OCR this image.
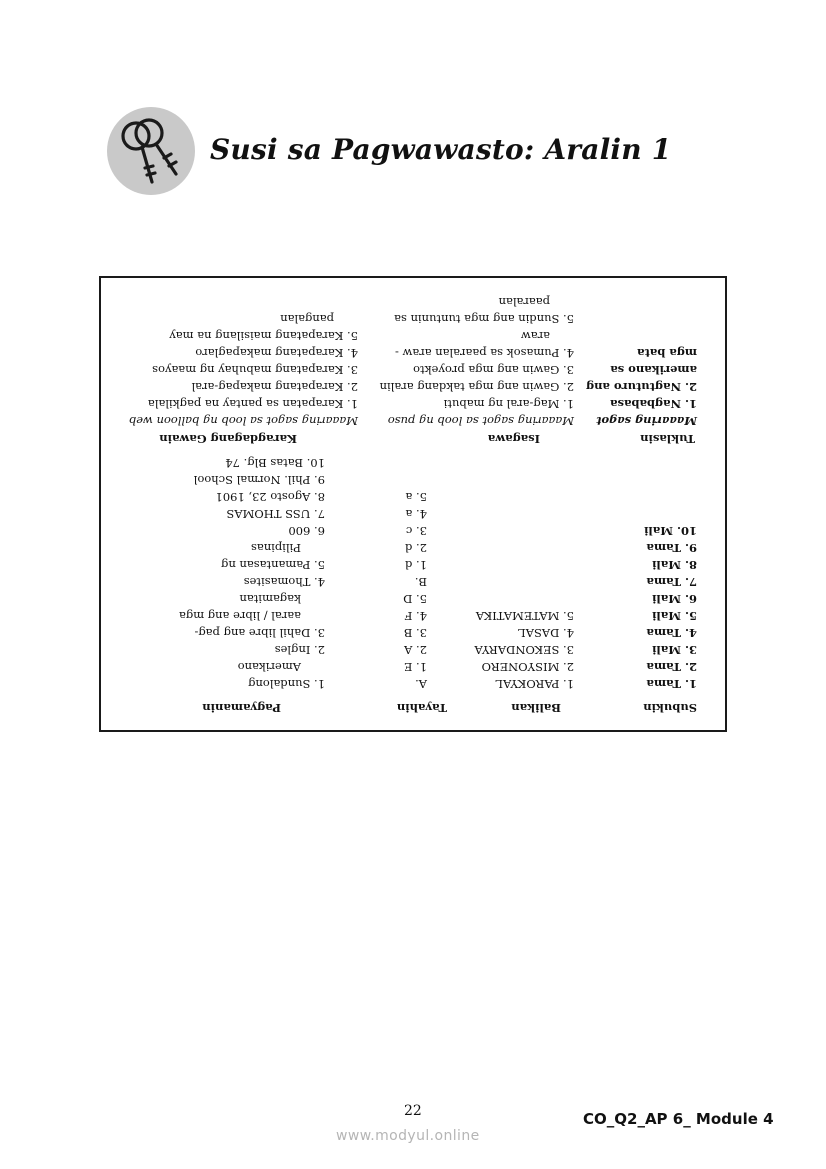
Susi sa Pagwawasto: Aralin 1
Subukin
Balikan
Tayahin
Pagyamanin
1. Tama
2. Tama
3. Mali
4. Tama
5. Mali
6. Mali
7. Tama
8. Mali
9. Tama
10. Mali
1. PAROKYAL
2. MISYONERO
3. SEKONDARYA
4. DASAL
5. MATEMATIKA
A.
1. E
2. A
3. B
4. F
5. D
B.
1. d
2. d
3. c
4. a
5. a
1. Sundalong
Amerikano
2. Ingles
3. Dahil libre ang pag-
aaral / libre ang mga
kagamitan
4. Thomasites
5. Pamantasan ng
Pilipinas
6. 600
7. USS THOMAS
8. Agosto 23, 1901
9. Phil. Normal School
10. Batas Blg. 74
Tuklasin
Isagawa
Karagdagang Gawain
Maaaring sagot
1. Nagbabasa
2. Nagtuturo ang
amerikano sa
mga bata
Maaaring sagot sa loob ng puso
1. Mag-aral ng mabuti
2. Gawin ang mga takdang aralin
3. Gawin ang mga proyekto
4. Pumasok sa paaralan araw -
araw
5. Sundin ang mga tuntunin sa
paaralan
Maaaring sagot sa loob ng balloon web
1. Karapatan sa pantay na pagkilala
2. Karapatang makapag-aral
3. Karapatang mabuhay ng maayos
4. Karapatang makapaglaro
5. Karapatang maisilang na may
pangalan
22	CO_Q2_AP 6_ Module 4
www.modyul.online
